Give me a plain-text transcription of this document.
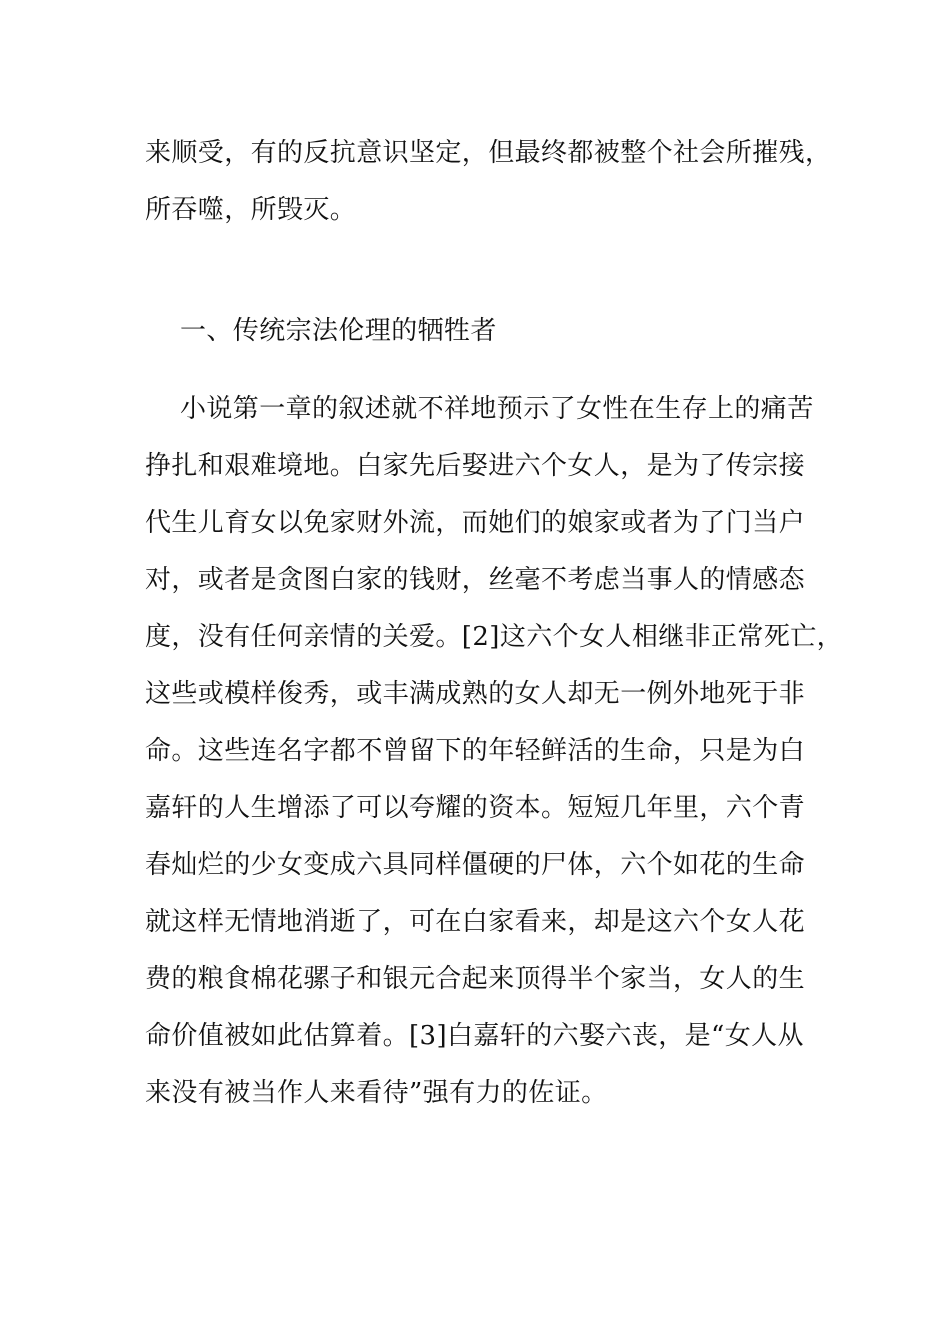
来顺受，有的反抗意识坚定，但最终都被整个社会所摧残，
所吞噬，所毁灭。
一、传统宗法伦理的牺牲者
小说第一章的叙述就不祥地预示了女性在生存上的痛苦
挣扎和艰难境地。白家先后娶进六个女人，是为了传宗接
代生儿育女以免家财外流，而她们的娘家或者为了门当户
对，或者是贪图白家的钱财，丝毫不考虑当事人的情感态
度，没有任何亲情的关爱。[2]这六个女人相继非正常死亡，
这些或模样俊秀，或丰满成熟的女人却无一例外地死于非
命。这些连名字都不曾留下的年轻鲜活的生命，只是为白
嘉轩的人生增添了可以夸耀的资本。短短几年里，六个青
春灿烂的少女变成六具同样僵硬的尸体，六个如花的生命
就这样无情地消逝了，可在白家看来，却是这六个女人花
费的粮食棉花骡子和银元合起来顶得半个家当，女人的生
命价值被如此估算着。[3]白嘉轩的六娶六丧，是“女人从
来没有被当作人来看待”强有力的佐证。
